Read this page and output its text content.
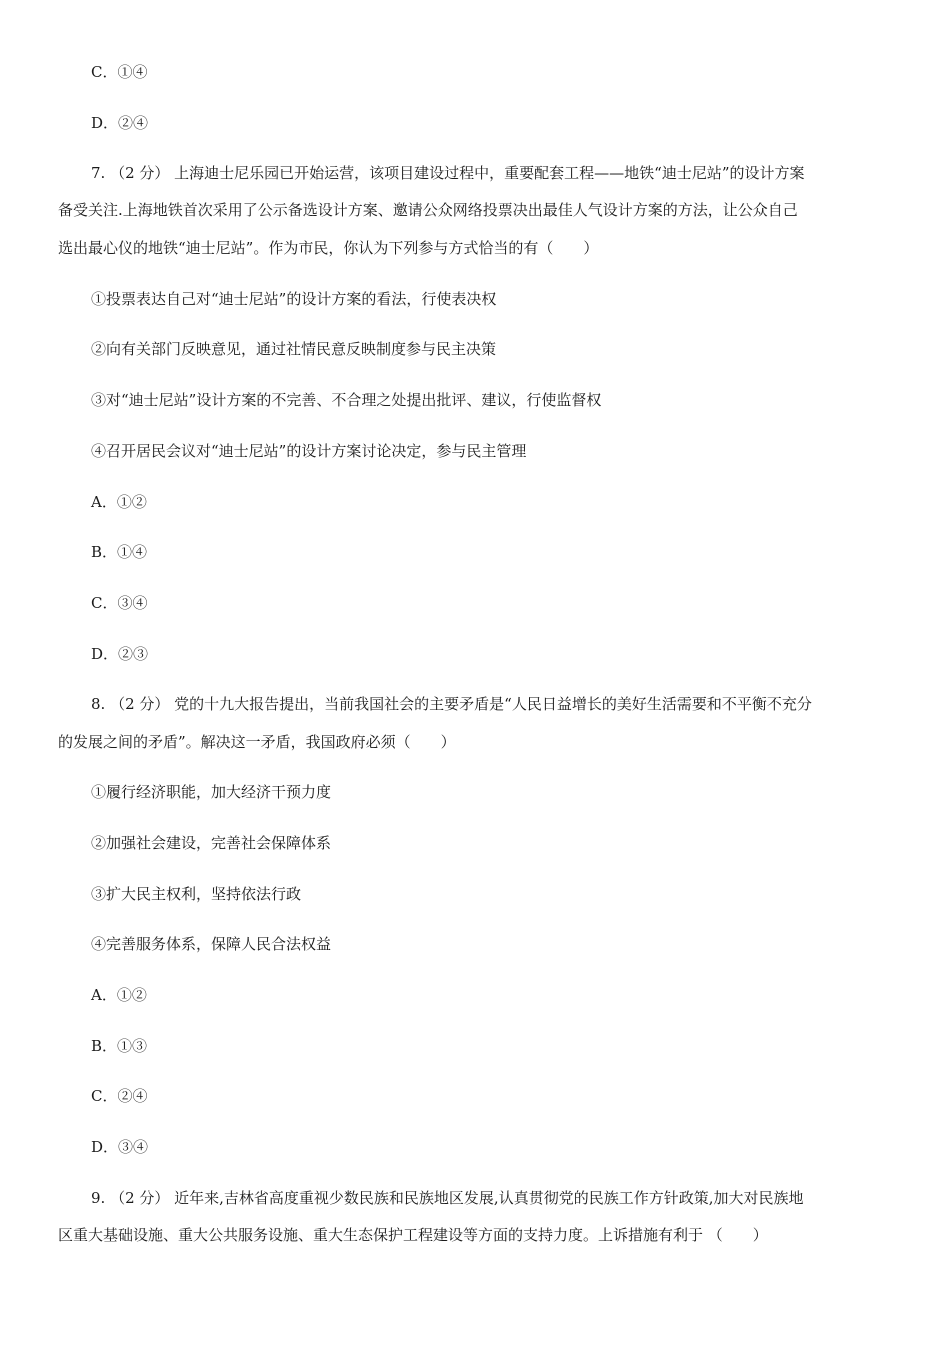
C．①④
D．②④
7. （2 分） 上海迪士尼乐园已开始运营，该项目建设过程中，重要配套工程——地铁“迪士尼站”的设计方案
备受关注.上海地铁首次采用了公示备选设计方案、邀请公众网络投票决出最佳人气设计方案的方法，让公众自己
选出最心仪的地铁“迪士尼站”。作为市民，你认为下列参与方式恰当的有（　　）
①投票表达自己对“迪士尼站”的设计方案的看法，行使表决权
②向有关部门反映意见，通过社情民意反映制度参与民主决策
③对“迪士尼站”设计方案的不完善、不合理之处提出批评、建议，行使监督权
④召开居民会议对“迪士尼站”的设计方案讨论决定，参与民主管理
A．①②
B．①④
C．③④
D．②③
8. （2 分） 党的十九大报告提出，当前我国社会的主要矛盾是“人民日益增长的美好生活需要和不平衡不充分
的发展之间的矛盾”。解决这一矛盾，我国政府必须（　　）
①履行经济职能，加大经济干预力度
②加强社会建设，完善社会保障体系
③扩大民主权利，坚持依法行政
④完善服务体系，保障人民合法权益
A．①②
B．①③
C．②④
D．③④
9. （2 分） 近年来,吉林省高度重视少数民族和民族地区发展,认真贯彻党的民族工作方针政策,加大对民族地
区重大基础设施、重大公共服务设施、重大生态保护工程建设等方面的支持力度。上诉措施有利于 （　　）
